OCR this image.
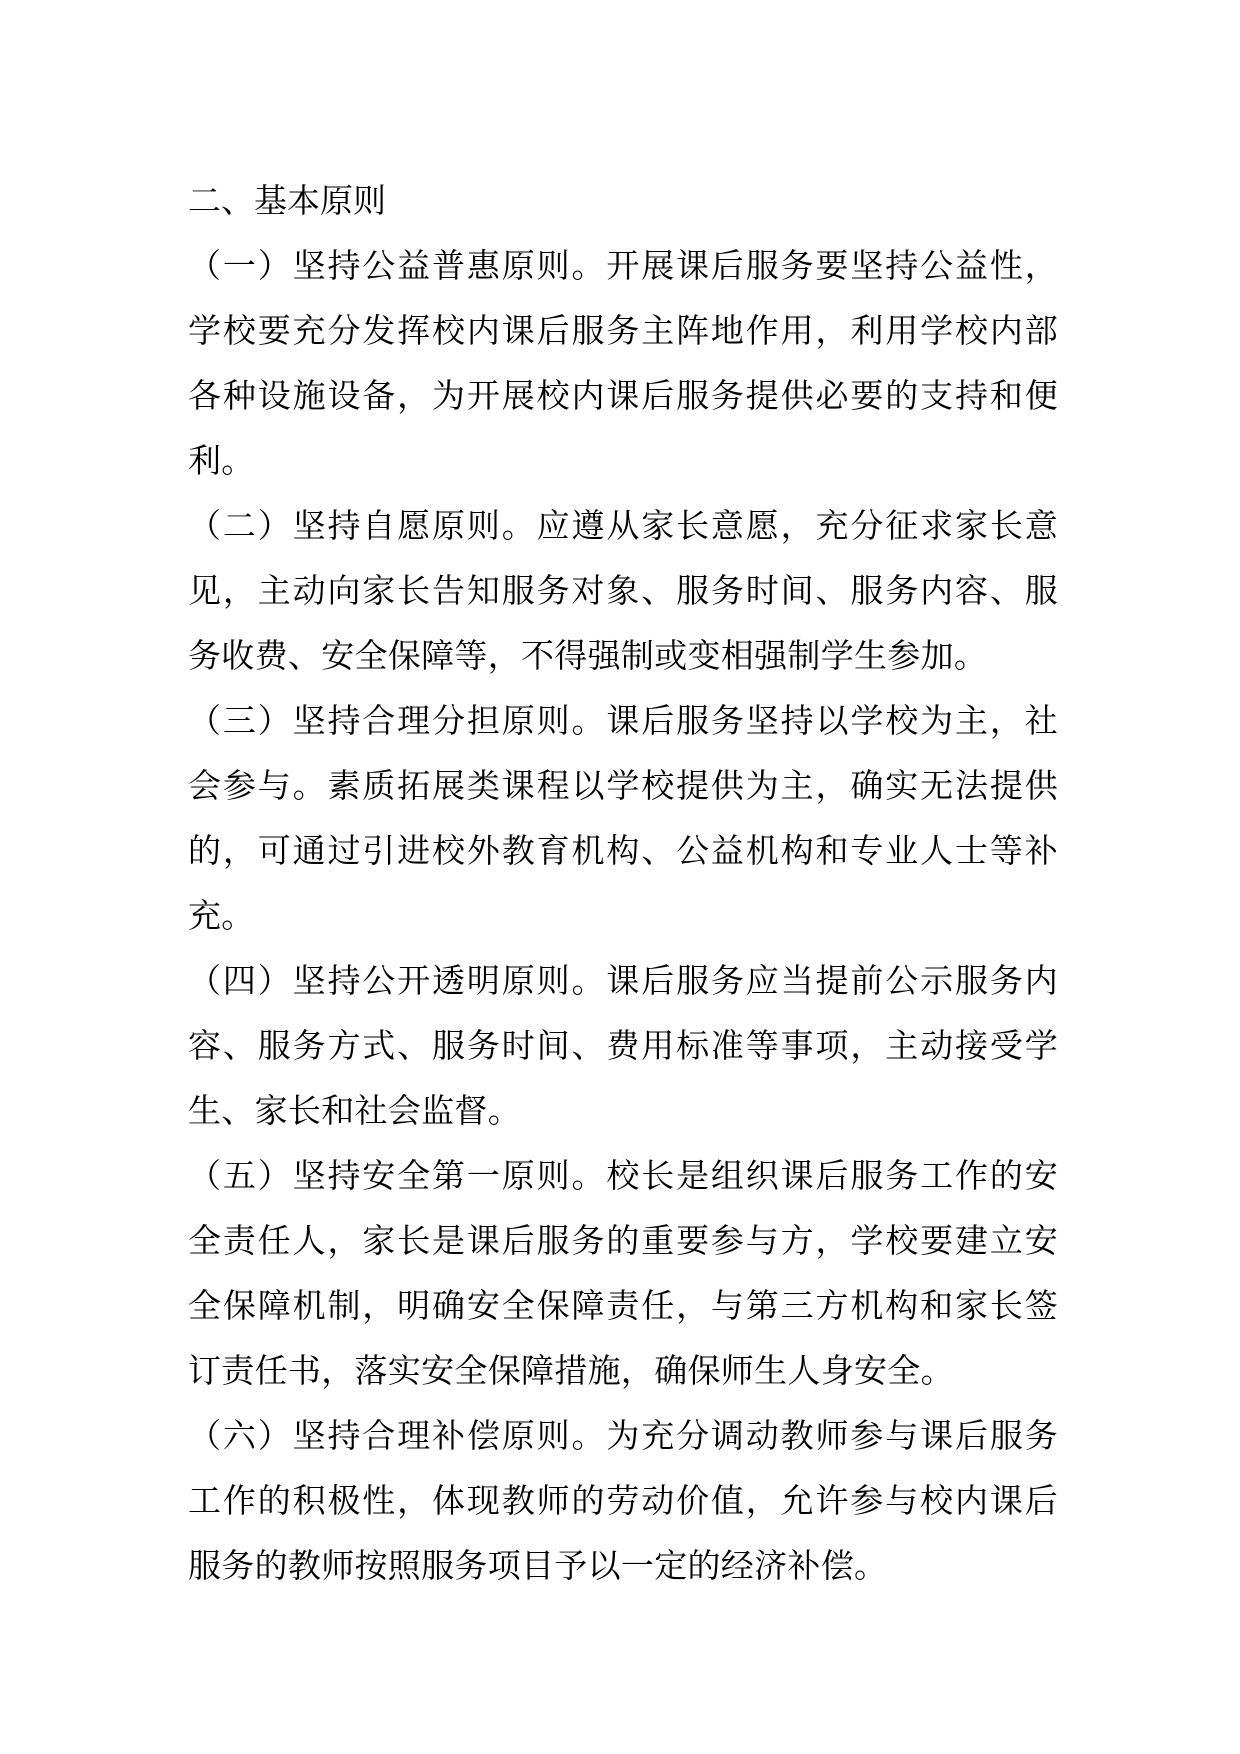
二、基本原则

（一）坚持公益普惠原则。开展课后服务要坚持公益性，
学校要充分发挥校内课后服务主阵地作用，利用学校内部
各种设施设备，为开展校内课后服务提供必要的支持和便
利。

（二）坚持自愿原则。应遵从家长意愿，充分征求家长意
见，主动向家长告知服务对象、服务时间、服务内容、服
务收费、安全保障等，不得强制或变相强制学生参加。

（三）坚持合理分担原则。课后服务坚持以学校为主，社
会参与。素质拓展类课程以学校提供为主，确实无法提供
的，可通过引进校外教育机构、公益机构和专业人士等补
充。

（四）坚持公开透明原则。课后服务应当提前公示服务内
容、服务方式、服务时间、费用标准等事项，主动接受学
生、家长和社会监督。

（五）坚持安全第一原则。校长是组织课后服务工作的安
全责任人，家长是课后服务的重要参与方，学校要建立安
全保障机制，明确安全保障责任，与第三方机构和家长签
订责任书，落实安全保障措施，确保师生人身安全。

（六）坚持合理补偿原则。为充分调动教师参与课后服务
工作的积极性，体现教师的劳动价值，允许参与校内课后
服务的教师按照服务项目予以一定的经济补偿。
